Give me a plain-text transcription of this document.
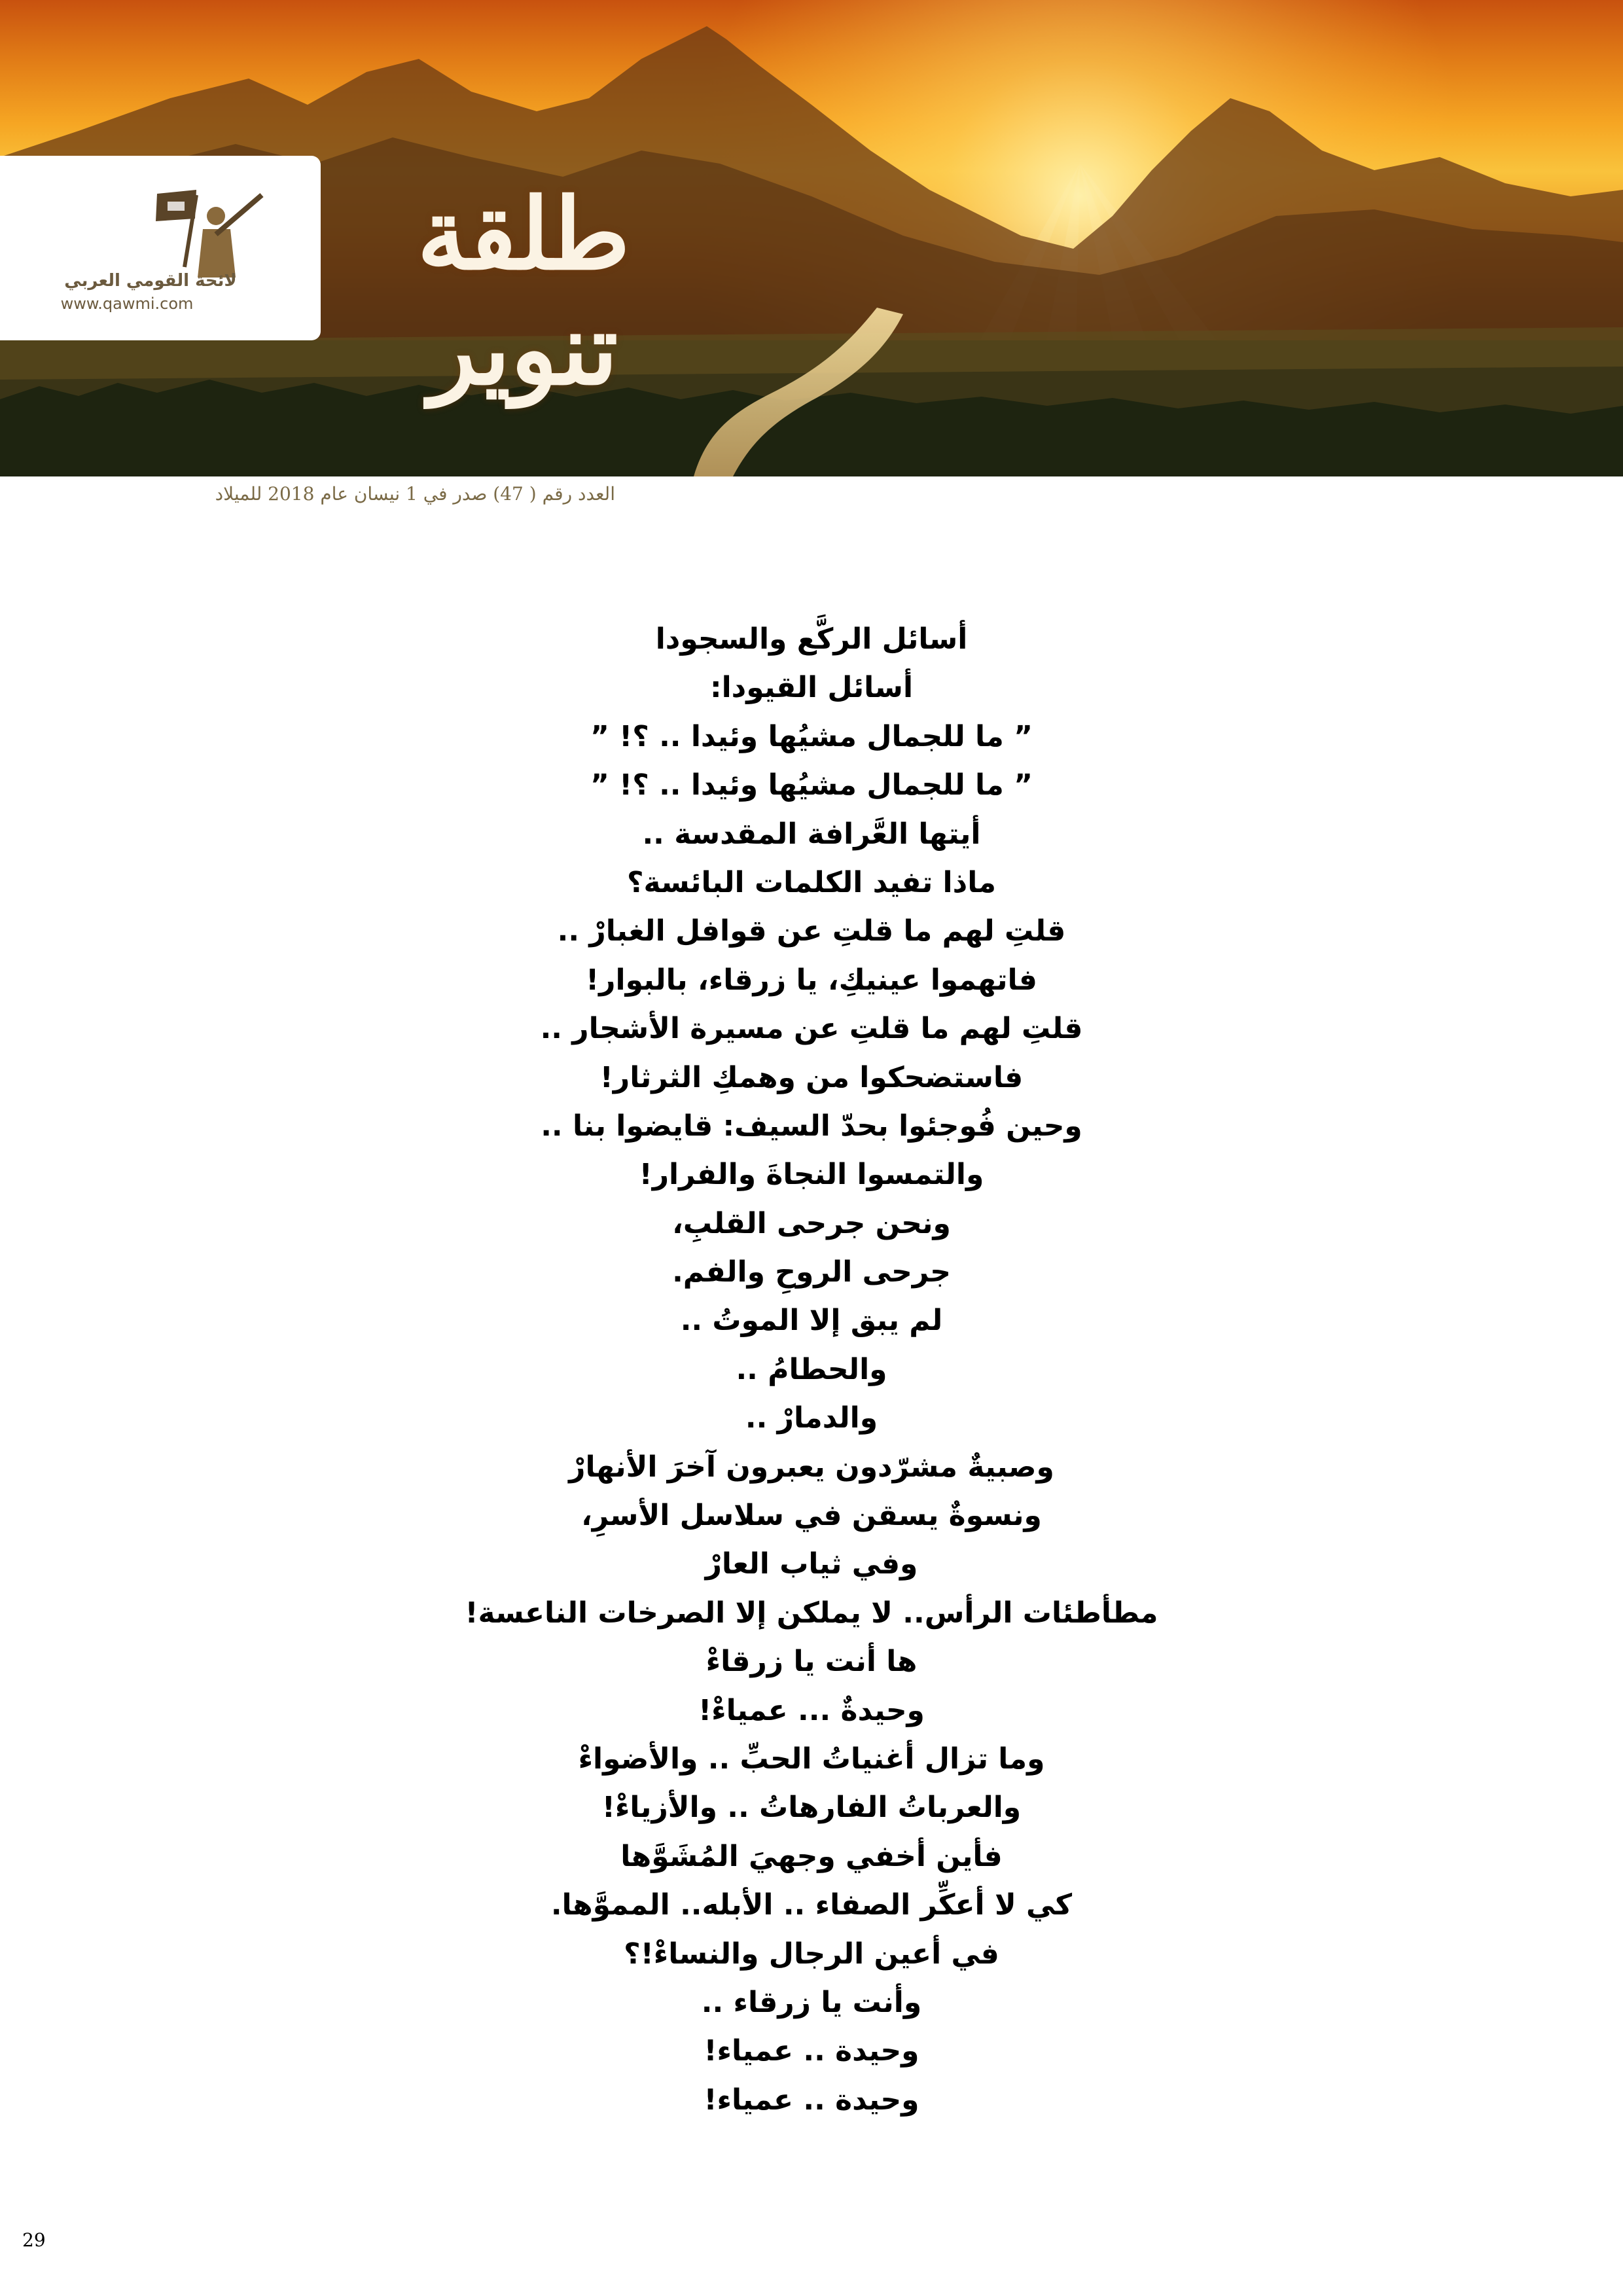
لائحة القومي العربي
www.qawmi.com
طلقة تنوير
العدد رقم ( 47) صدر في 1 نيسان عام 2018 للميلاد
أسائل الركَّع والسجودا
أسائل القيودا:
” ما للجمال مشيُها وئيدا .. ؟! ”
” ما للجمال مشيُها وئيدا .. ؟! ”
أيتها العَّرافة المقدسة ..
ماذا تفيد الكلمات البائسة؟
قلتِ لهم ما قلتِ عن قوافل الغبارْ ..
فاتهموا عينيكِ، يا زرقاء، بالبوار!
قلتِ لهم ما قلتِ عن مسيرة الأشجار ..
فاستضحكوا من وهمكِ الثرثار!
وحين فُوجئوا بحدّ السيف: قايضوا بنا ..
والتمسوا النجاةَ والفرار!
ونحن جرحى القلبِ،
جرحى الروحِ والفم.
لم يبق إلا الموتُ ..
والحطامُ ..
والدمارْ ..
وصبيةٌ مشرّدون يعبرون آخرَ الأنهارْ
ونسوةٌ يسقن في سلاسل الأسرِ،
وفي ثياب العارْ
مطأطئات الرأس.. لا يملكن إلا الصرخات الناعسة!
ها أنت يا زرقاءْ
وحيدةٌ ... عمياءْ!
وما تزال أغنياتُ الحبِّ .. والأضواءْ
والعرباتُ الفارهاتُ .. والأزياءْ!
فأين أخفي وجهيَ المُشَوَّها
كي لا أعكِّر الصفاء .. الأبله.. المموَّها.
في أعين الرجال والنساءْ!؟
وأنت يا زرقاء ..
وحيدة .. عمياء!
وحيدة .. عمياء!
29
